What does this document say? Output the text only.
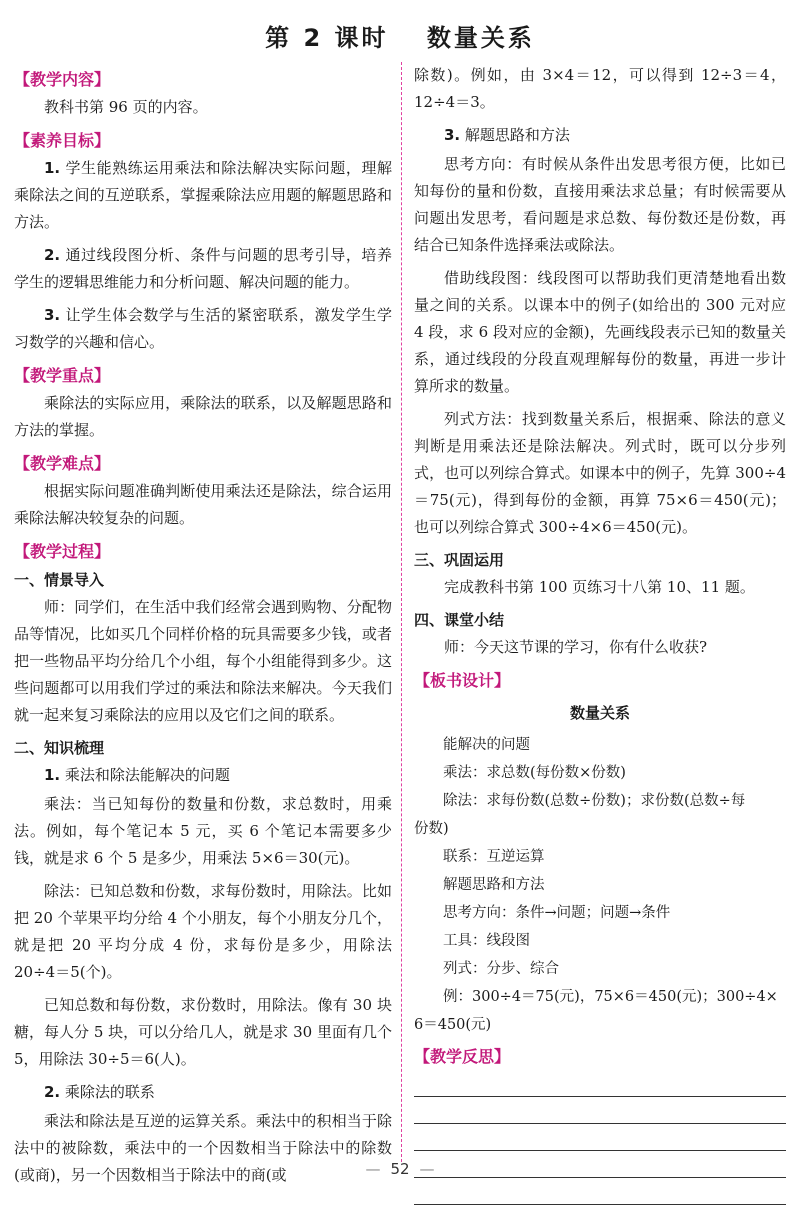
第 2 课时　 数量关系
【教学内容】
教科书第 96 页的内容。
【素养目标】
1. 学生能熟练运用乘法和除法解决实际问题，理解乘除法之间的互逆联系，掌握乘除法应用题的解题思路和方法。
2. 通过线段图分析、条件与问题的思考引导，培养学生的逻辑思维能力和分析问题、解决问题的能力。
3. 让学生体会数学与生活的紧密联系，激发学生学习数学的兴趣和信心。
【教学重点】
乘除法的实际应用，乘除法的联系，以及解题思路和方法的掌握。
【教学难点】
根据实际问题准确判断使用乘法还是除法，综合运用乘除法解决较复杂的问题。
【教学过程】
一、情景导入
师：同学们，在生活中我们经常会遇到购物、分配物品等情况，比如买几个同样价格的玩具需要多少钱，或者把一些物品平均分给几个小组，每个小组能得到多少。这些问题都可以用我们学过的乘法和除法来解决。今天我们就一起来复习乘除法的应用以及它们之间的联系。
二、知识梳理
1. 乘法和除法能解决的问题
乘法：当已知每份的数量和份数，求总数时，用乘法。例如，每个笔记本 5 元，买 6 个笔记本需要多少钱，就是求 6 个 5 是多少，用乘法 5×6＝30(元)。
除法：已知总数和份数，求每份数时，用除法。比如把 20 个苹果平均分给 4 个小朋友，每个小朋友分几个，就是把 20 平均分成 4 份，求每份是多少，用除法 20÷4＝5(个)。
已知总数和每份数，求份数时，用除法。像有 30 块糖，每人分 5 块，可以分给几人，就是求 30 里面有几个 5，用除法 30÷5＝6(人)。
2. 乘除法的联系
乘法和除法是互逆的运算关系。乘法中的积相当于除法中的被除数，乘法中的一个因数相当于除法中的除数(或商)，另一个因数相当于除法中的商(或
除数)。例如，由 3×4＝12，可以得到 12÷3＝4，12÷4＝3。
3. 解题思路和方法
思考方向：有时候从条件出发思考很方便，比如已知每份的量和份数，直接用乘法求总量；有时候需要从问题出发思考，看问题是求总数、每份数还是份数，再结合已知条件选择乘法或除法。
借助线段图：线段图可以帮助我们更清楚地看出数量之间的关系。以课本中的例子(如给出的 300 元对应 4 段，求 6 段对应的金额)，先画线段表示已知的数量关系，通过线段的分段直观理解每份的数量，再进一步计算所求的数量。
列式方法：找到数量关系后，根据乘、除法的意义判断是用乘法还是除法解决。列式时，既可以分步列式，也可以列综合算式。如课本中的例子，先算 300÷4＝75(元)，得到每份的金额，再算 75×6＝450(元)；也可以列综合算式 300÷4×6＝450(元)。
三、巩固运用
完成教科书第 100 页练习十八第 10、11 题。
四、课堂小结
师：今天这节课的学习，你有什么收获?
【板书设计】
数量关系
能解决的问题
乘法：求总数(每份数×份数)
除法：求每份数(总数÷份数)；求份数(总数÷每
份数)
联系：互逆运算
解题思路和方法
思考方向：条件→问题；问题→条件
工具：线段图
列式：分步、综合
例：300÷4＝75(元)，75×6＝450(元)；300÷4×
6＝450(元)
【教学反思】
— 52 —
